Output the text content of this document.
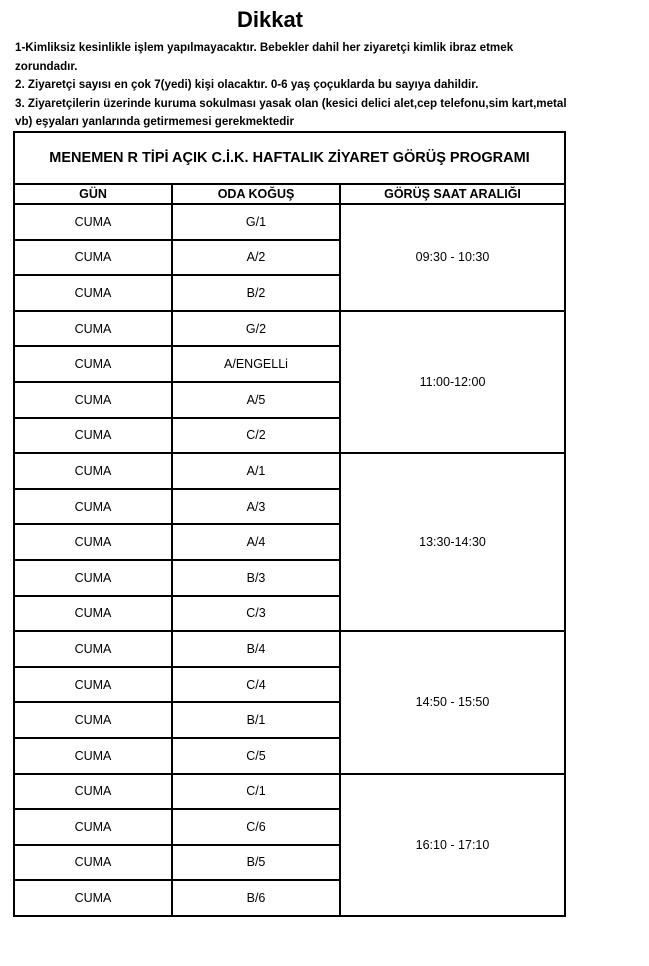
Dikkat

1-Kimliksiz kesinlikle işlem yapılmayacaktır. Bebekler dahil her ziyaretçi kimlik ibraz etmek zorundadır.

2. Ziyaretçi sayısı en çok 7(yedi) kişi olacaktır. 0-6 yaş çoçuklarda bu sayıya dahildir.

3. Ziyaretçilerin üzerinde kuruma sokulması yasak olan (kesici delici alet,cep telefonu,sim kart,metal vb) eşyaları yanlarında getirmemesi gerekmektedir

MENEMEN R TİPİ AÇIK C.İ.K. HAFTALIK ZİYARET GÖRÜŞ PROGRAMI		
GÜN	ODA KOĞUŞ	GÖRÜŞ SAAT ARALIĞI
CUMA	G/1	09:30 - 10:30
CUMA	A/2	
CUMA	B/2	
CUMA	G/2	11:00-12:00
CUMA	A/ENGELLi	
CUMA	A/5	
CUMA	C/2	
CUMA	A/1	13:30-14:30
CUMA	A/3	
CUMA	A/4	
CUMA	B/3	
CUMA	C/3	
CUMA	B/4	14:50 - 15:50
CUMA	C/4	
CUMA	B/1	
CUMA	C/5	
CUMA	C/1	16:10 - 17:10
CUMA	C/6	
CUMA	B/5	
CUMA	B/6	
